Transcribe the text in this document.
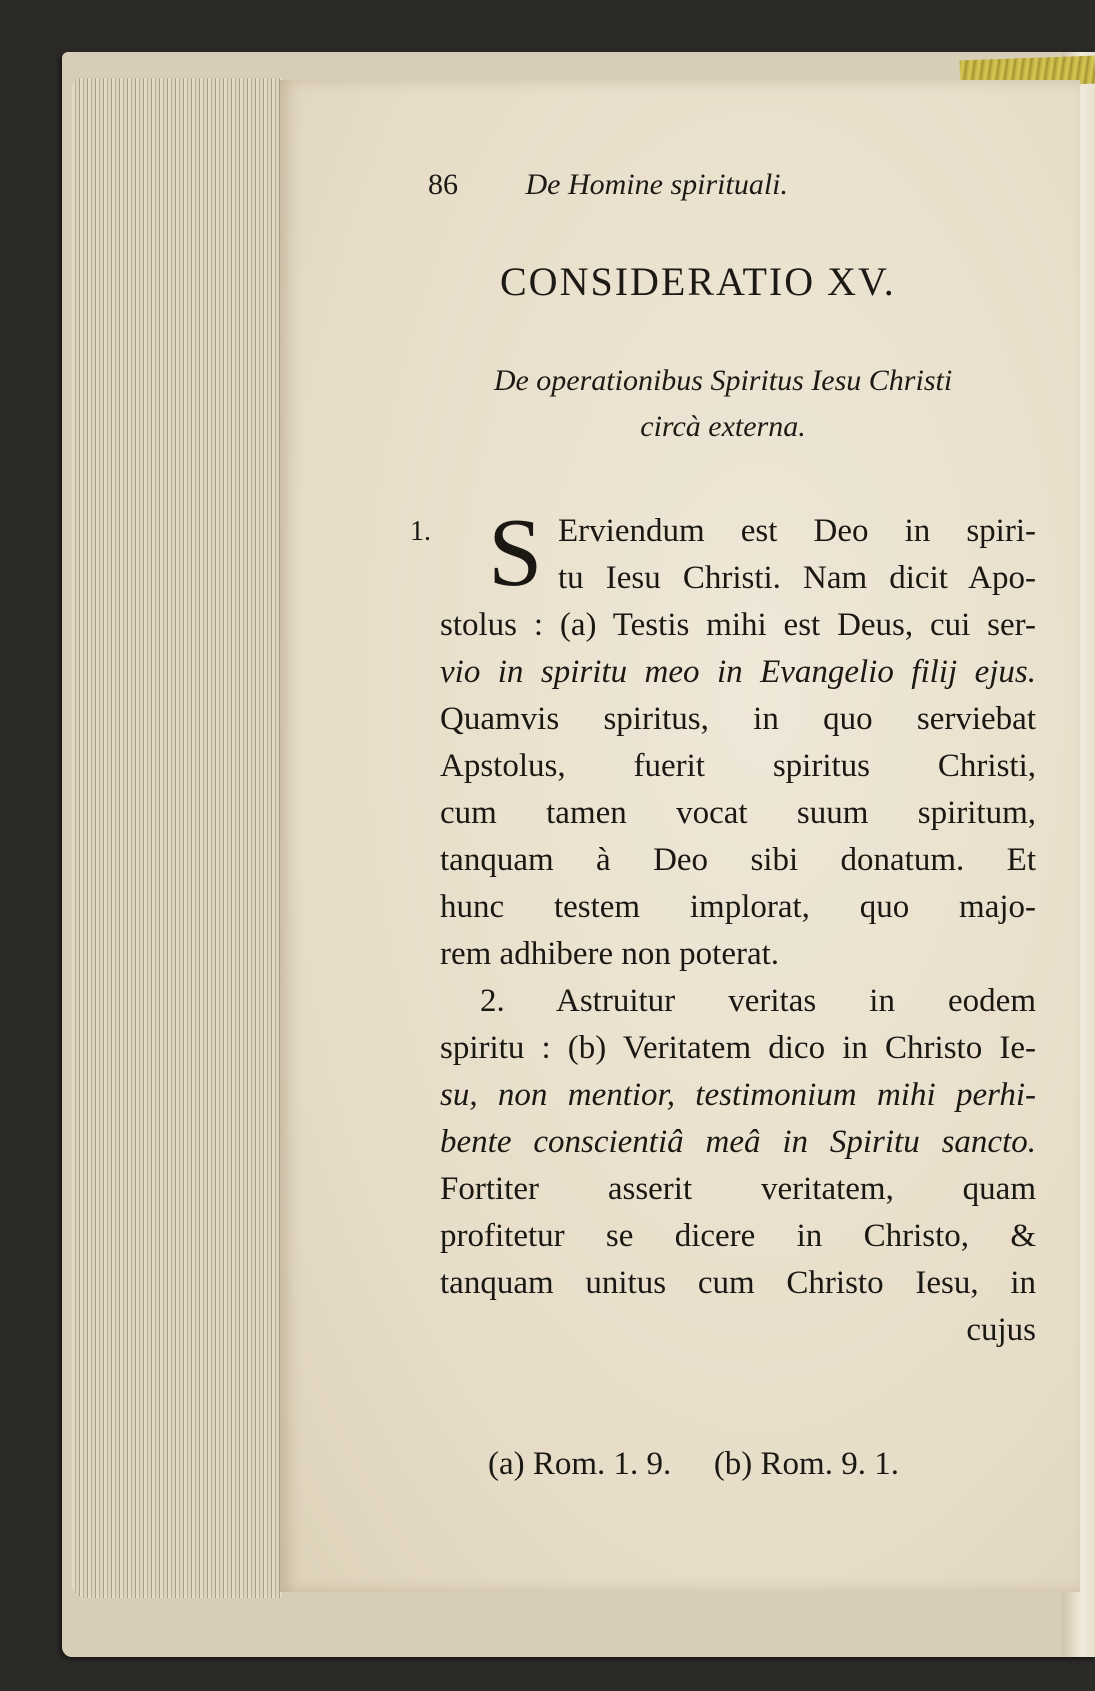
86 De Homine spirituali.
CONSIDERATIO XV.
De operationibus Spiritus Iesu Christi
circà externa.
S Erviendum est Deo in spiri-
tu Iesu Christi. Nam dicit Apo-
stolus : (a) Testis mihi est Deus, cui ser-
vio in spiritu meo in Evangelio filij ejus.
Quamvis spiritus, in quo serviebat
Apstolus, fuerit spiritus Christi,
cum tamen vocat suum spiritum,
tanquam à Deo sibi donatum. Et
hunc testem implorat, quo majo-
rem adhibere non poterat.
1.
2. Astruitur veritas in eodem
spiritu : (b) Veritatem dico in Christo Ie-
su, non mentior, testimonium mihi perhi-
bente conscientiâ meâ in Spiritu sancto.
Fortiter asserit veritatem, quam
profitetur se dicere in Christo, &
tanquam unitus cum Christo Iesu, in
cujus
(a) Rom. 1. 9. (b) Rom. 9. 1.
